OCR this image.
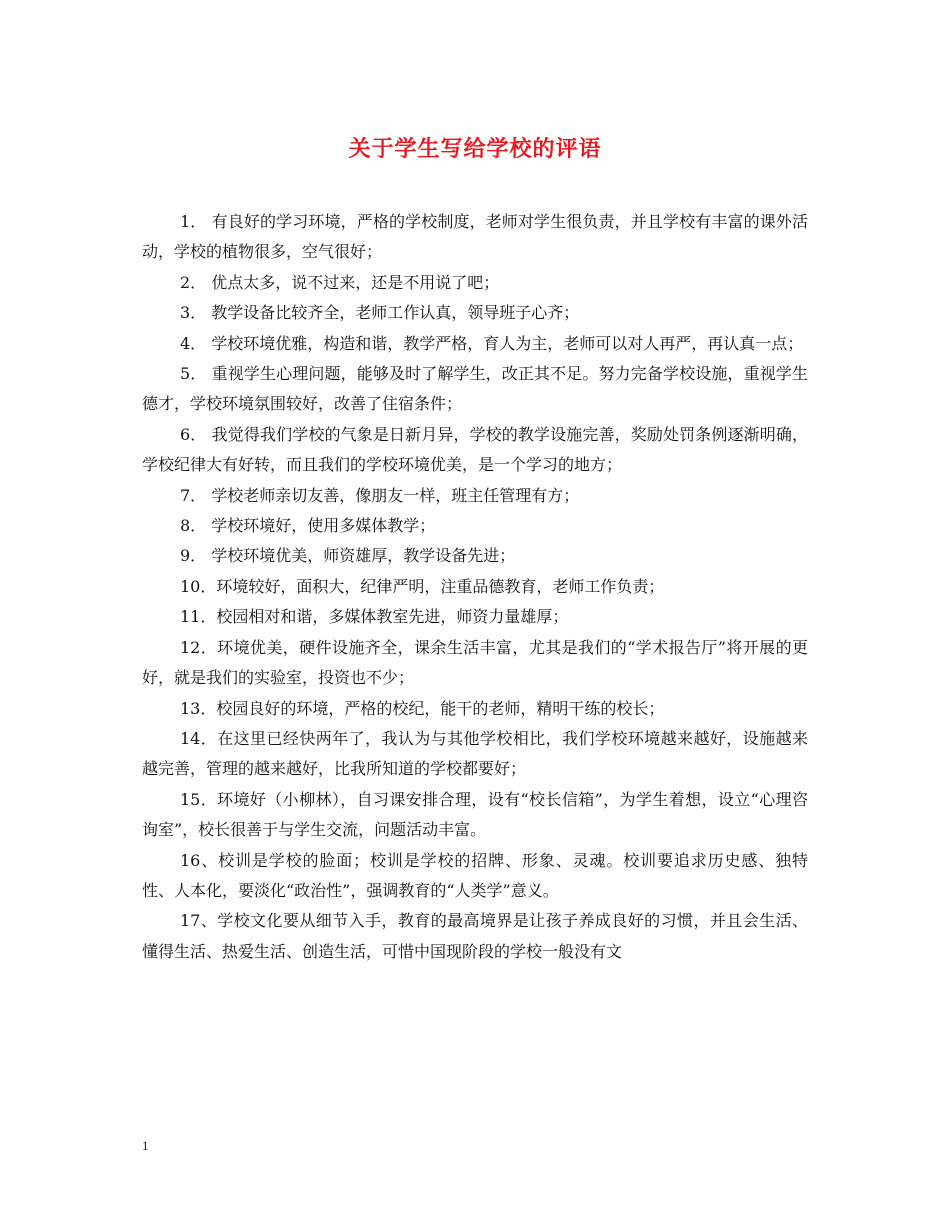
关于学生写给学校的评语

1． 有良好的学习环境，严格的学校制度，老师对学生很负责，并且学校有丰富的课外活动，学校的植物很多，空气很好；

2． 优点太多，说不过来，还是不用说了吧；

3． 教学设备比较齐全，老师工作认真，领导班子心齐；

4． 学校环境优雅，构造和谐，教学严格，育人为主，老师可以对人再严，再认真一点；

5． 重视学生心理问题，能够及时了解学生，改正其不足。努力完备学校设施，重视学生德才，学校环境氛围较好，改善了住宿条件；

6． 我觉得我们学校的气象是日新月异，学校的教学设施完善，奖励处罚条例逐渐明确，学校纪律大有好转，而且我们的学校环境优美，是一个学习的地方；

7． 学校老师亲切友善，像朋友一样，班主任管理有方；

8． 学校环境好，使用多媒体教学；

9． 学校环境优美，师资雄厚，教学设备先进；

10．环境较好，面积大，纪律严明，注重品德教育，老师工作负责；

11．校园相对和谐，多媒体教室先进，师资力量雄厚；

12．环境优美，硬件设施齐全，课余生活丰富，尤其是我们的“学术报告厅”将开展的更好，就是我们的实验室，投资也不少；

13．校园良好的环境，严格的校纪，能干的老师，精明干练的校长；

14．在这里已经快两年了，我认为与其他学校相比，我们学校环境越来越好，设施越来越完善，管理的越来越好，比我所知道的学校都要好；

15．环境好（小柳林），自习课安排合理，设有“校长信箱”，为学生着想，设立“心理咨询室”，校长很善于与学生交流，问题活动丰富。

16、校训是学校的脸面；校训是学校的招牌、形象、灵魂。校训要追求历史感、独特性、人本化，要淡化“政治性”，强调教育的“人类学”意义。

17、学校文化要从细节入手，教育的最高境界是让孩子养成良好的习惯，并且会生活、懂得生活、热爱生活、创造生活，可惜中国现阶段的学校一般没有文

1
